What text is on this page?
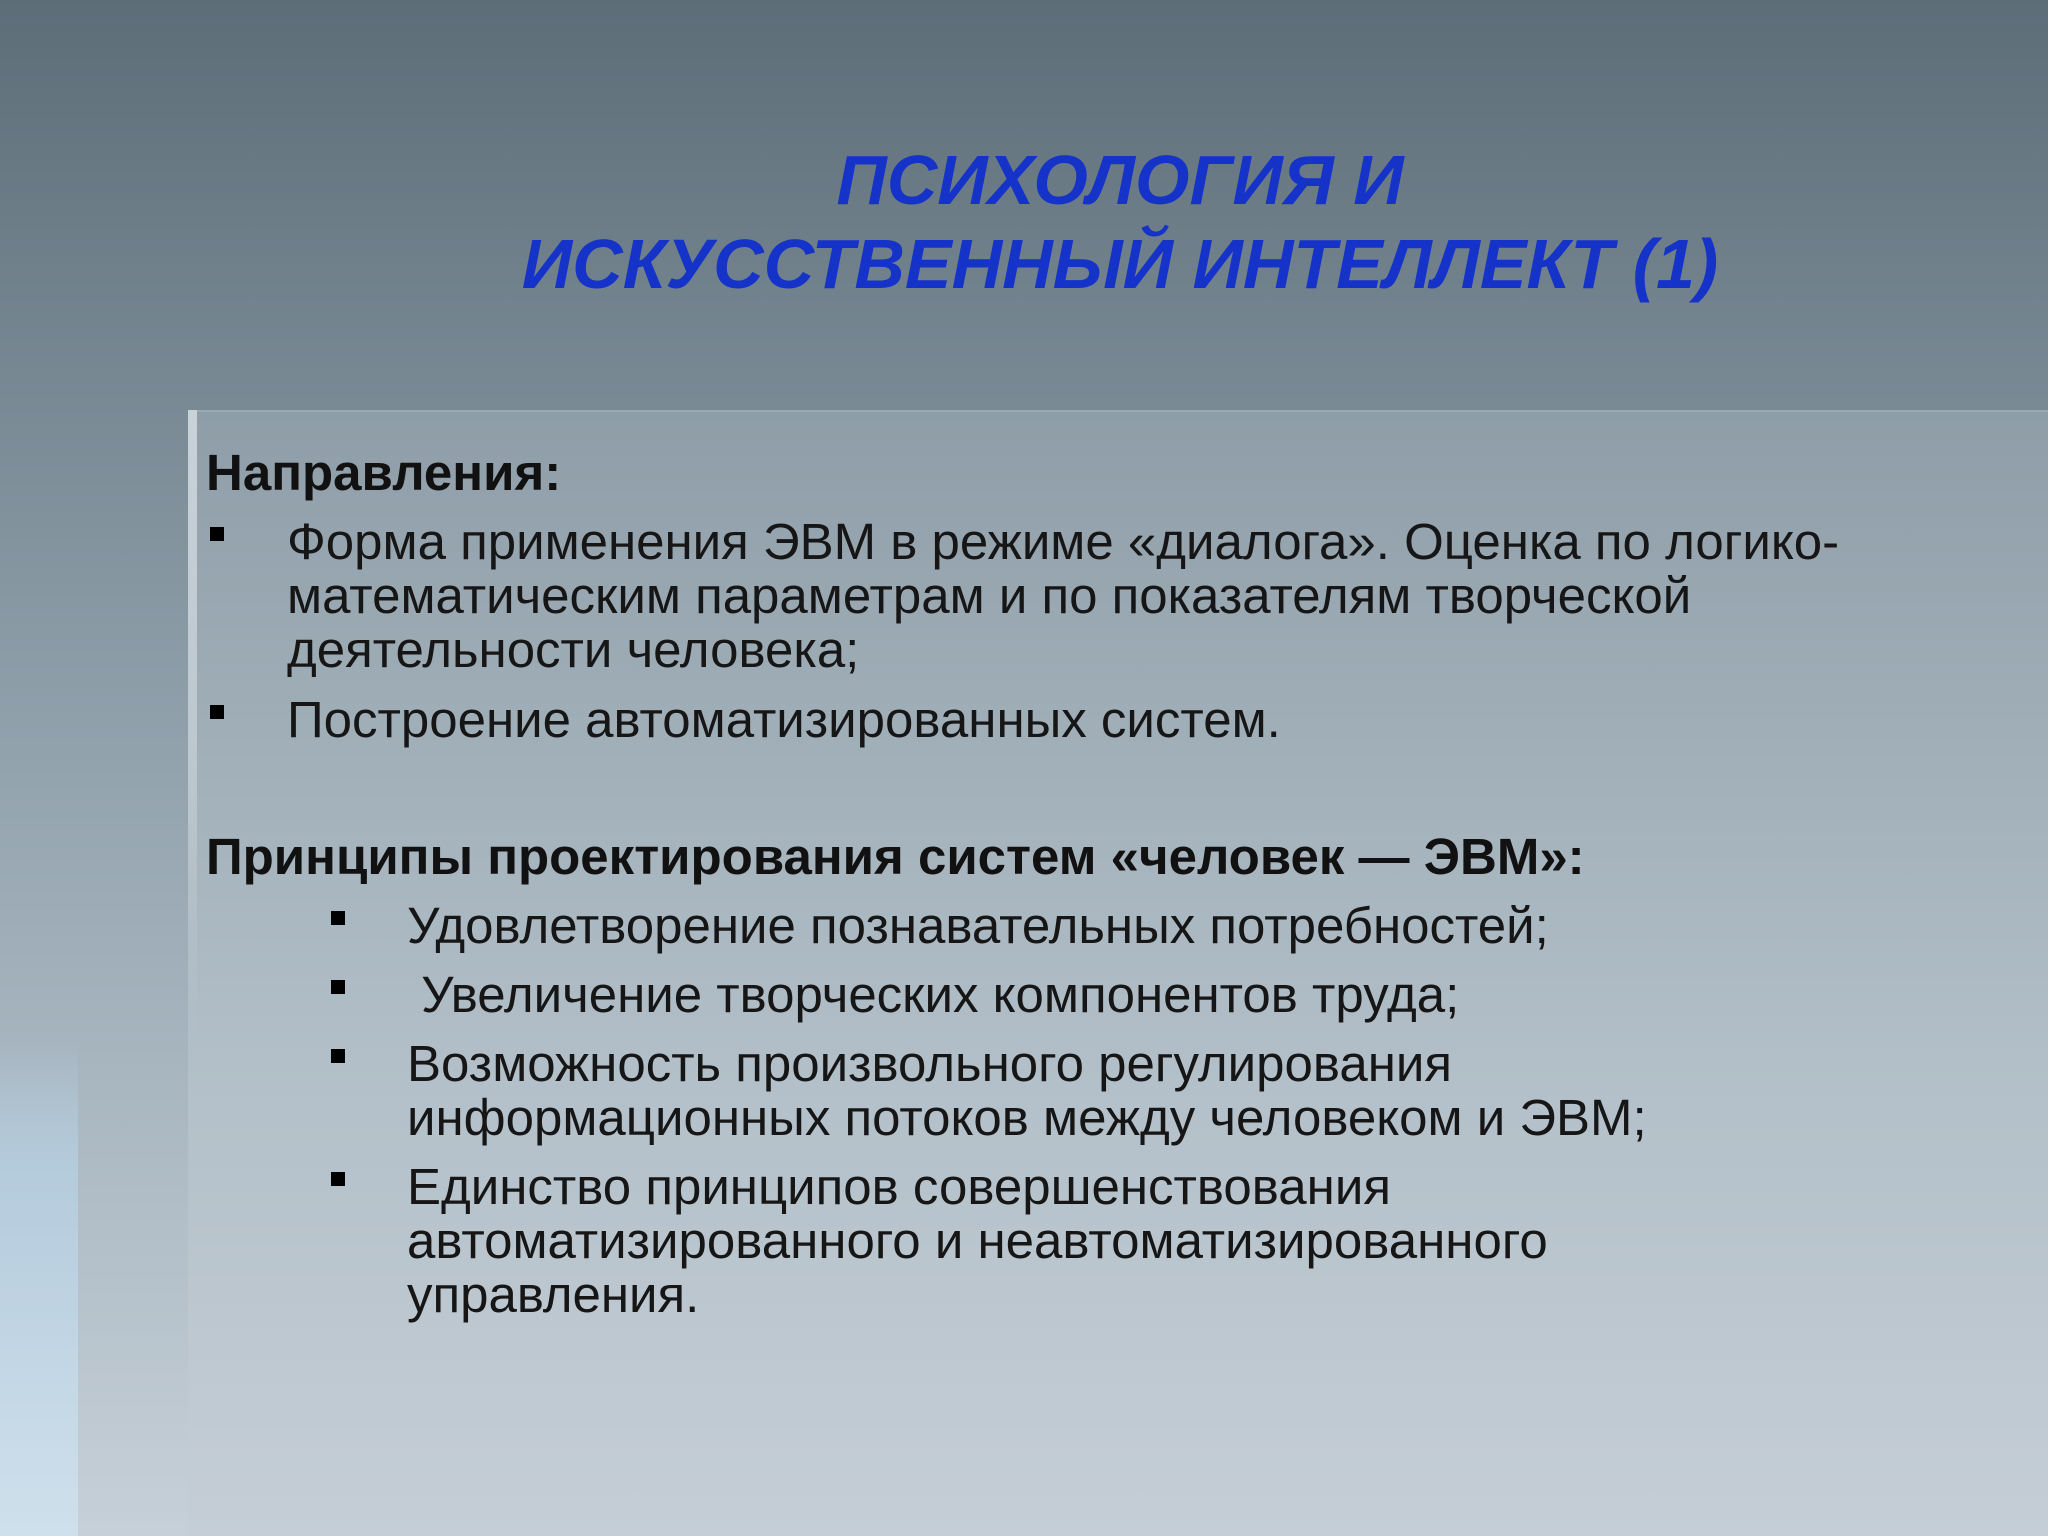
ПСИХОЛОГИЯ И
ИСКУССТВЕННЫЙ ИНТЕЛЛЕКТ (1)
Направления:
Форма применения ЭВМ в режиме «диалога». Оценка по логико-математическим параметрам и по показателям творческой деятельности человека;
Построение автоматизированных систем.
Принципы проектирования систем «человек — ЭВМ»:
Удовлетворение познавательных потребностей;
Увеличение творческих компонентов труда;
Возможность произвольного регулирования информационных потоков между человеком и ЭВМ;
Единство принципов совершенствования автоматизированного и неавтоматизированного управления.
